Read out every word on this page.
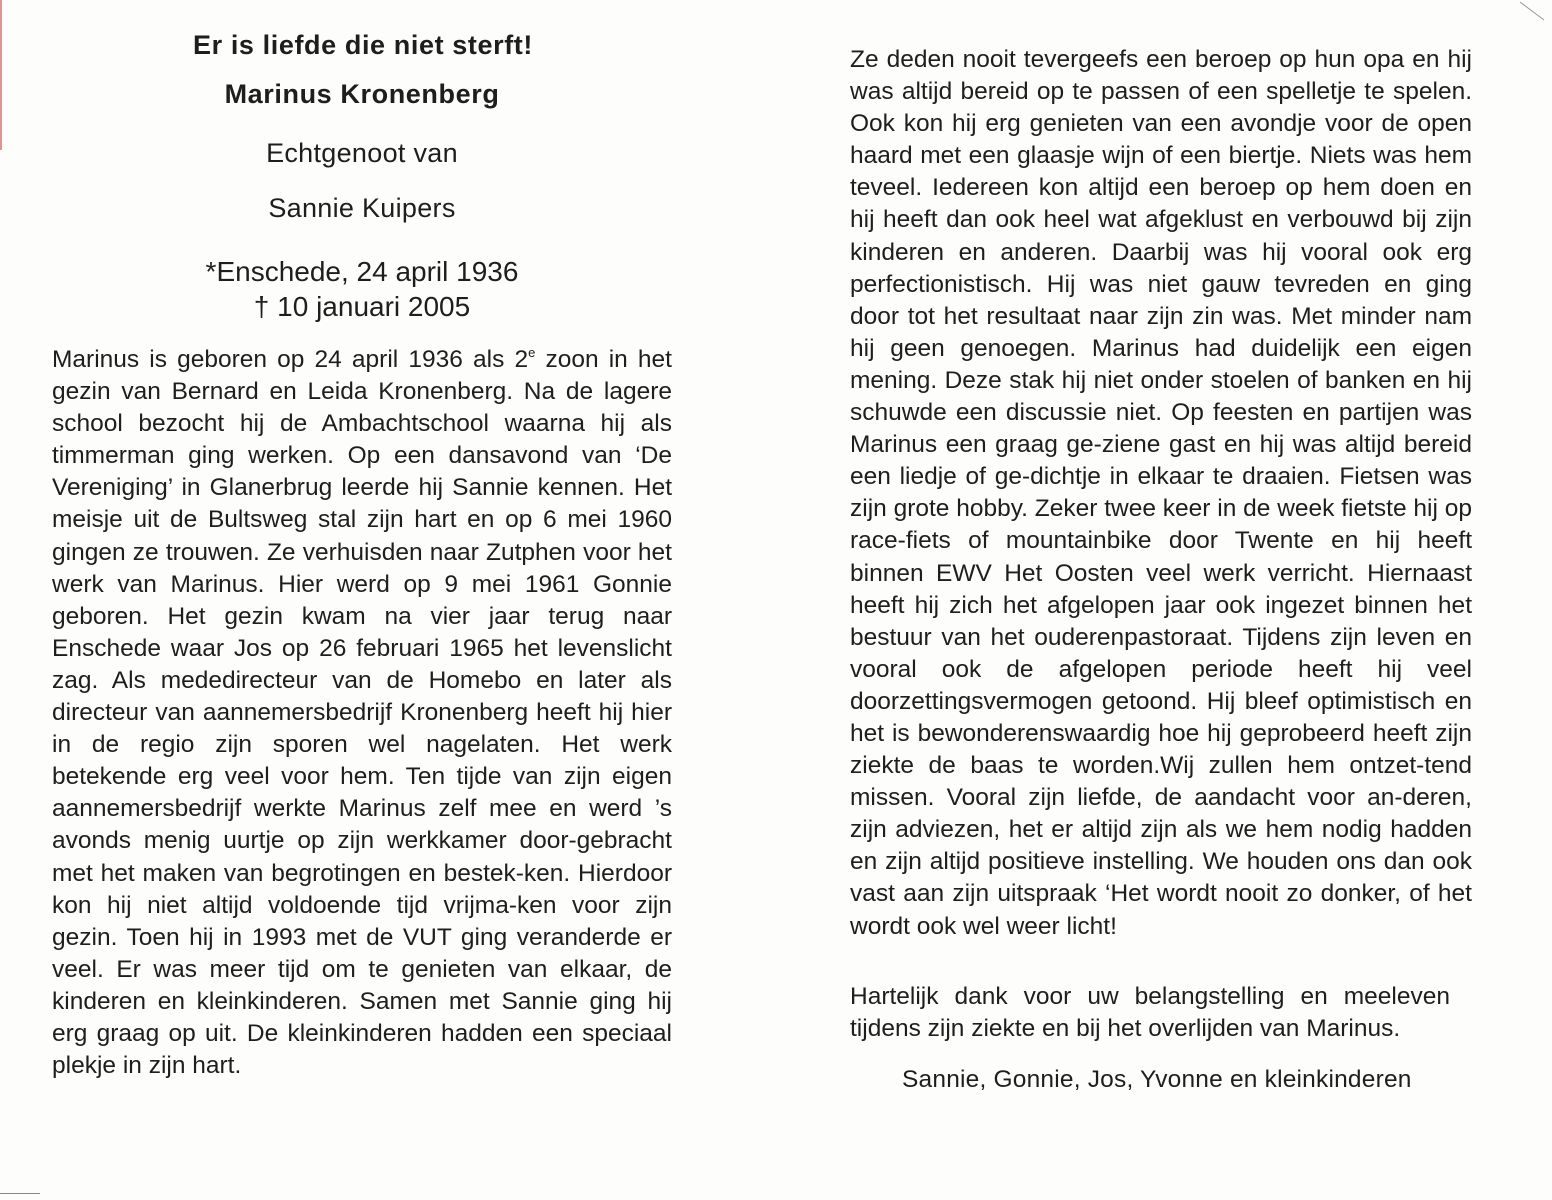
Er is liefde die niet sterft!
Marinus Kronenberg

Echtgenoot van

Sannie Kuipers

*Enschede, 24 april 1936
† 10 januari 2005

Marinus is geboren op 24 april 1936 als 2e zoon in het gezin van Bernard en Leida Kronenberg. Na de lagere school bezocht hij de Ambachtschool waarna hij als timmerman ging werken. Op een dansavond van ‘De Vereniging’ in Glanerbrug leerde hij Sannie kennen. Het meisje uit de Bultsweg stal zijn hart en op 6 mei 1960 gingen ze trouwen. Ze verhuisden naar Zutphen voor het werk van Marinus. Hier werd op 9 mei 1961 Gonnie geboren. Het gezin kwam na vier jaar terug naar Enschede waar Jos op 26 februari 1965 het levenslicht zag. Als mededirecteur van de Homebo en later als directeur van aannemersbedrijf Kronenberg heeft hij hier in de regio zijn sporen wel nagelaten. Het werk betekende erg veel voor hem. Ten tijde van zijn eigen aannemersbedrijf werkte Marinus zelf mee en werd ’s avonds menig uurtje op zijn werkkamer door-gebracht met het maken van begrotingen en bestek-ken. Hierdoor kon hij niet altijd voldoende tijd vrijma-ken voor zijn gezin. Toen hij in 1993 met de VUT ging veranderde er veel. Er was meer tijd om te genieten van elkaar, de kinderen en kleinkinderen. Samen met Sannie ging hij erg graag op uit. De kleinkinderen hadden een speciaal plekje in zijn hart.

Ze deden nooit tevergeefs een beroep op hun opa en hij was altijd bereid op te passen of een spelletje te spelen. Ook kon hij erg genieten van een avondje voor de open haard met een glaasje wijn of een biertje. Niets was hem teveel. Iedereen kon altijd een beroep op hem doen en hij heeft dan ook heel wat afgeklust en verbouwd bij zijn kinderen en anderen. Daarbij was hij vooral ook erg perfectionistisch. Hij was niet gauw tevreden en ging door tot het resultaat naar zijn zin was. Met minder nam hij geen genoegen. Marinus had duidelijk een eigen mening. Deze stak hij niet onder stoelen of banken en hij schuwde een discussie niet. Op feesten en partijen was Marinus een graag ge-ziene gast en hij was altijd bereid een liedje of ge-dichtje in elkaar te draaien. Fietsen was zijn grote hobby. Zeker twee keer in de week fietste hij op race-fiets of mountainbike door Twente en hij heeft binnen EWV Het Oosten veel werk verricht. Hiernaast heeft hij zich het afgelopen jaar ook ingezet binnen het bestuur van het ouderenpastoraat. Tijdens zijn leven en vooral ook de afgelopen periode heeft hij veel doorzettingsvermogen getoond. Hij bleef optimistisch en het is bewonderenswaardig hoe hij geprobeerd heeft zijn ziekte de baas te worden.Wij zullen hem ontzet-tend missen. Vooral zijn liefde, de aandacht voor an-deren, zijn adviezen, het er altijd zijn als we hem nodig hadden en zijn altijd positieve instelling. We houden ons dan ook vast aan zijn uitspraak ‘Het wordt nooit zo donker, of het wordt ook wel weer licht!

Hartelijk dank voor uw belangstelling en meeleven tijdens zijn ziekte en bij het overlijden van Marinus.
Sannie, Gonnie, Jos, Yvonne en kleinkinderen
